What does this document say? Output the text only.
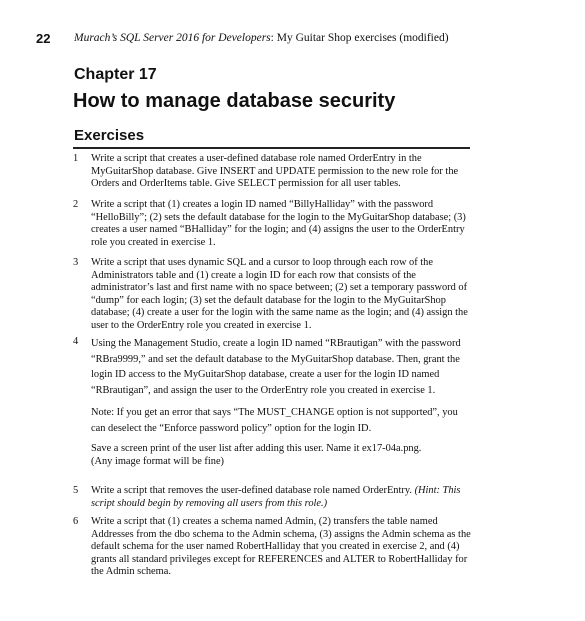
22 Murach’s SQL Server 2016 for Developers: My Guitar Shop exercises (modified)
Chapter 17
How to manage database security
Exercises
1 Write a script that creates a user-defined database role named OrderEntry in the MyGuitarShop database. Give INSERT and UPDATE permission to the new role for the Orders and OrderItems table. Give SELECT permission for all user tables.

2 Write a script that (1) creates a login ID named “BillyHalliday” with the password “HelloBilly”; (2) sets the default database for the login to the MyGuitarShop database; (3) creates a user named “BHalliday” for the login; and (4) assigns the user to the OrderEntry role you created in exercise 1.

3 Write a script that uses dynamic SQL and a cursor to loop through each row of the Administrators table and (1) create a login ID for each row that consists of the administrator’s last and first name with no space between; (2) set a temporary password of “dump” for each login; (3) set the default database for the login to the MyGuitarShop database; (4) create a user for the login with the same name as the login; and (4) assign the user to the OrderEntry role you created in exercise 1.

4 Using the Management Studio, create a login ID named “RBrautigan” with the password “RBra9999,” and set the default database to the MyGuitarShop database. Then, grant the login ID access to the MyGuitarShop database, create a user for the login ID named “RBrautigan”, and assign the user to the OrderEntry role you created in exercise 1.

Note: If you get an error that says “The MUST_CHANGE option is not supported”, you can deselect the “Enforce password policy” option for the login ID.

Save a screen print of the user list after adding this user. Name it ex17-04a.png.

(Any image format will be fine)

5 Write a script that removes the user-defined database role named OrderEntry. (Hint: This script should begin by removing all users from this role.)

6 Write a script that (1) creates a schema named Admin, (2) transfers the table named Addresses from the dbo schema to the Admin schema, (3) assigns the Admin schema as the default schema for the user named RobertHalliday that you created in exercise 2, and (4) grants all standard privileges except for REFERENCES and ALTER to RobertHalliday for the Admin schema.
